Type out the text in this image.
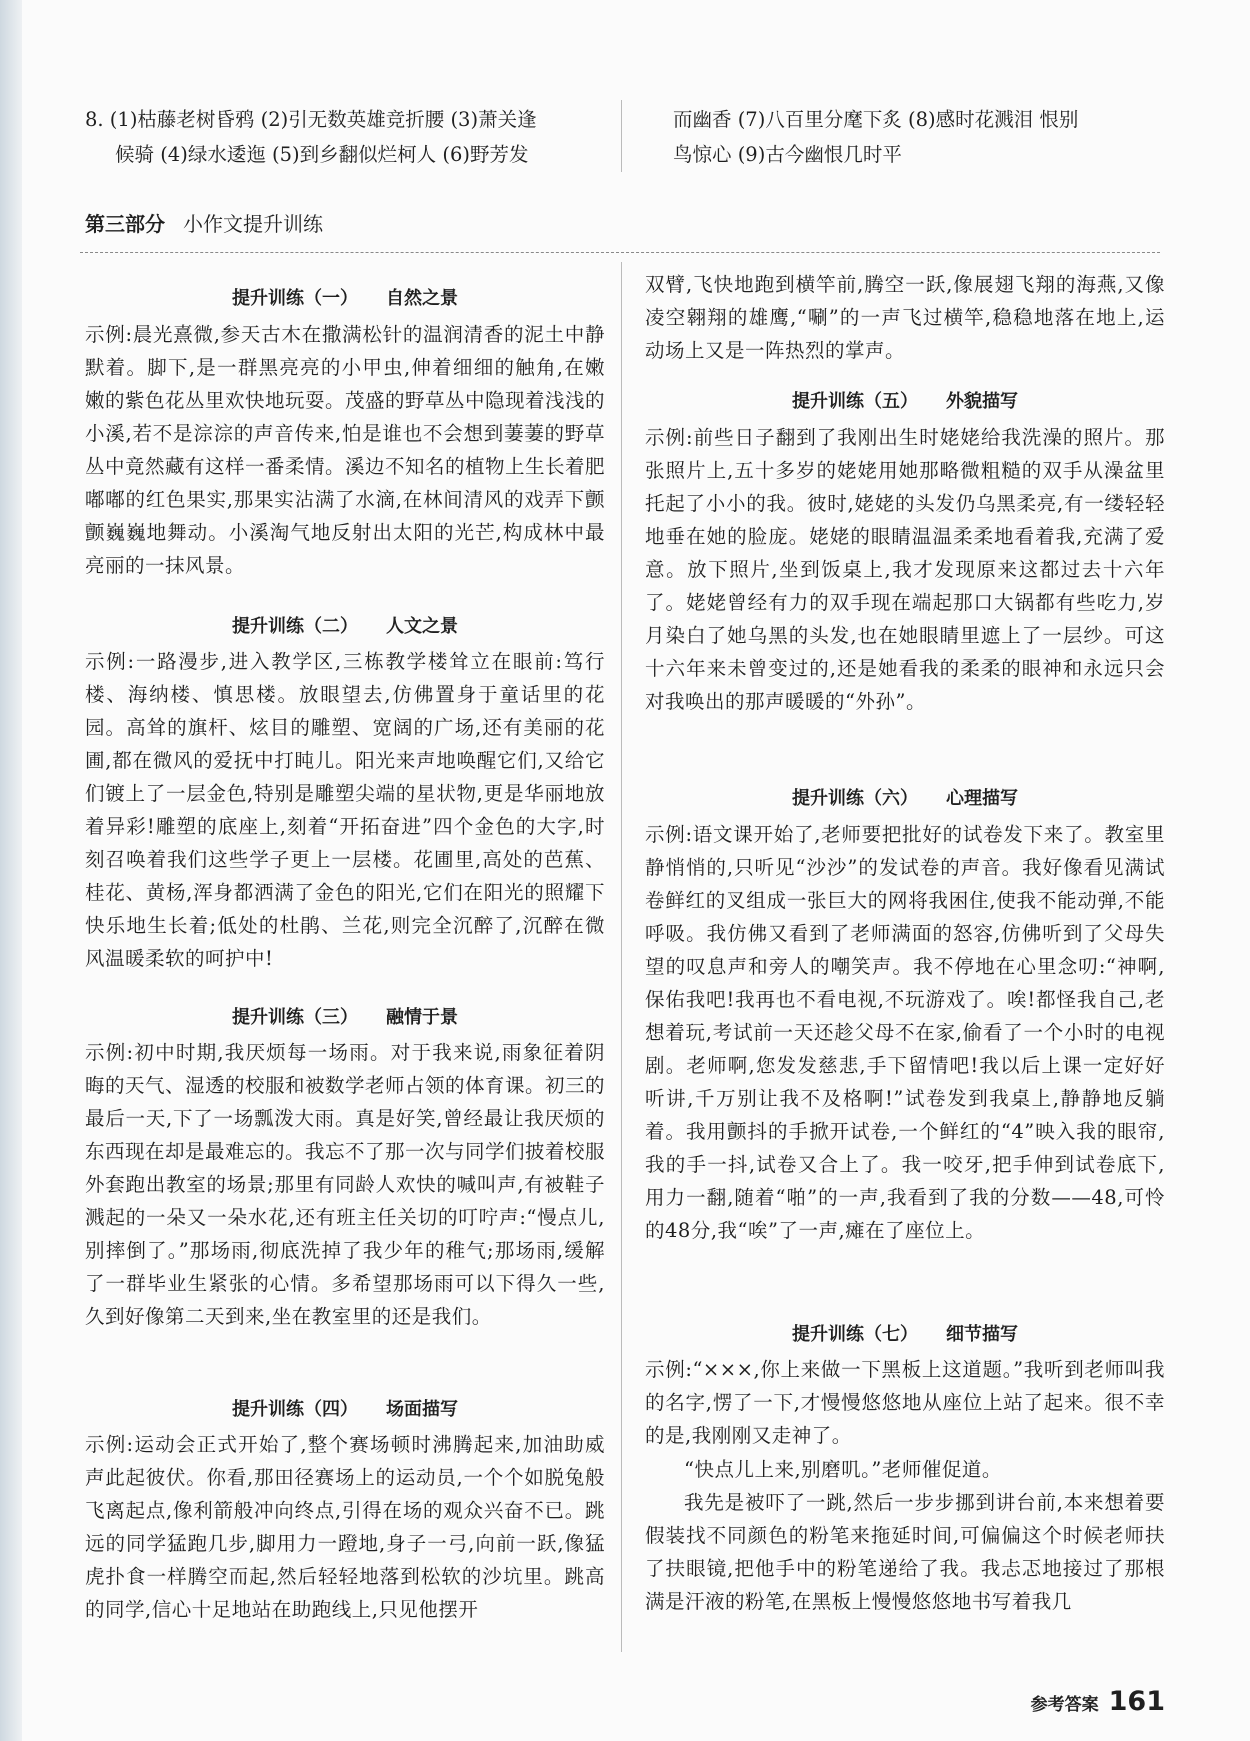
8. (1)枯藤老树昏鸦 (2)引无数英雄竞折腰 (3)萧关逢
候骑 (4)绿水逶迤 (5)到乡翻似烂柯人 (6)野芳发
而幽香 (7)八百里分麾下炙 (8)感时花溅泪 恨别
鸟惊心 (9)古今幽恨几时平
第三部分 小作文提升训练
提升训练（一） 自然之景

示例:晨光熹微,参天古木在撒满松针的温润清香的泥土中静默着。脚下,是一群黑亮亮的小甲虫,伸着细细的触角,在嫩嫩的紫色花丛里欢快地玩耍。茂盛的野草丛中隐现着浅浅的小溪,若不是淙淙的声音传来,怕是谁也不会想到萋萋的野草丛中竟然藏有这样一番柔情。溪边不知名的植物上生长着肥嘟嘟的红色果实,那果实沾满了水滴,在林间清风的戏弄下颤颤巍巍地舞动。小溪淘气地反射出太阳的光芒,构成林中最亮丽的一抹风景。

提升训练（二） 人文之景

示例:一路漫步,进入教学区,三栋教学楼耸立在眼前:笃行楼、海纳楼、慎思楼。放眼望去,仿佛置身于童话里的花园。高耸的旗杆、炫目的雕塑、宽阔的广场,还有美丽的花圃,都在微风的爱抚中打盹儿。阳光来声地唤醒它们,又给它们镀上了一层金色,特别是雕塑尖端的星状物,更是华丽地放着异彩!雕塑的底座上,刻着“开拓奋进”四个金色的大字,时刻召唤着我们这些学子更上一层楼。花圃里,高处的芭蕉、桂花、黄杨,浑身都洒满了金色的阳光,它们在阳光的照耀下快乐地生长着;低处的杜鹃、兰花,则完全沉醉了,沉醉在微风温暖柔软的呵护中!

提升训练（三） 融情于景

示例:初中时期,我厌烦每一场雨。对于我来说,雨象征着阴晦的天气、湿透的校服和被数学老师占领的体育课。初三的最后一天,下了一场瓢泼大雨。真是好笑,曾经最让我厌烦的东西现在却是最难忘的。我忘不了那一次与同学们披着校服外套跑出教室的场景;那里有同龄人欢快的喊叫声,有被鞋子溅起的一朵又一朵水花,还有班主任关切的叮咛声:“慢点儿,别摔倒了。”那场雨,彻底洗掉了我少年的稚气;那场雨,缓解了一群毕业生紧张的心情。多希望那场雨可以下得久一些,久到好像第二天到来,坐在教室里的还是我们。

提升训练（四） 场面描写

示例:运动会正式开始了,整个赛场顿时沸腾起来,加油助威声此起彼伏。你看,那田径赛场上的运动员,一个个如脱兔般飞离起点,像利箭般冲向终点,引得在场的观众兴奋不已。跳远的同学猛跑几步,脚用力一蹬地,身子一弓,向前一跃,像猛虎扑食一样腾空而起,然后轻轻地落到松软的沙坑里。跳高的同学,信心十足地站在助跑线上,只见他摆开

双臂,飞快地跑到横竿前,腾空一跃,像展翅飞翔的海燕,又像凌空翱翔的雄鹰,“唰”的一声飞过横竿,稳稳地落在地上,运动场上又是一阵热烈的掌声。

提升训练（五） 外貌描写

示例:前些日子翻到了我刚出生时姥姥给我洗澡的照片。那张照片上,五十多岁的姥姥用她那略微粗糙的双手从澡盆里托起了小小的我。彼时,姥姥的头发仍乌黑柔亮,有一缕轻轻地垂在她的脸庞。姥姥的眼睛温温柔柔地看着我,充满了爱意。放下照片,坐到饭桌上,我才发现原来这都过去十六年了。姥姥曾经有力的双手现在端起那口大锅都有些吃力,岁月染白了她乌黑的头发,也在她眼睛里遮上了一层纱。可这十六年来未曾变过的,还是她看我的柔柔的眼神和永远只会对我唤出的那声暖暖的“外孙”。

提升训练（六） 心理描写

示例:语文课开始了,老师要把批好的试卷发下来了。教室里静悄悄的,只听见“沙沙”的发试卷的声音。我好像看见满试卷鲜红的叉组成一张巨大的网将我困住,使我不能动弹,不能呼吸。我仿佛又看到了老师满面的怒容,仿佛听到了父母失望的叹息声和旁人的嘲笑声。我不停地在心里念叨:“神啊,保佑我吧!我再也不看电视,不玩游戏了。唉!都怪我自己,老想着玩,考试前一天还趁父母不在家,偷看了一个小时的电视剧。老师啊,您发发慈悲,手下留情吧!我以后上课一定好好听讲,千万别让我不及格啊!”试卷发到我桌上,静静地反躺着。我用颤抖的手掀开试卷,一个鲜红的“4”映入我的眼帘,我的手一抖,试卷又合上了。我一咬牙,把手伸到试卷底下,用力一翻,随着“啪”的一声,我看到了我的分数——48,可怜的48分,我“唉”了一声,瘫在了座位上。

提升训练（七） 细节描写

示例:“×××,你上来做一下黑板上这道题。”我听到老师叫我的名字,愣了一下,才慢慢悠悠地从座位上站了起来。很不幸的是,我刚刚又走神了。

“快点儿上来,别磨叽。”老师催促道。

我先是被吓了一跳,然后一步步挪到讲台前,本来想着要假装找不同颜色的粉笔来拖延时间,可偏偏这个时候老师扶了扶眼镜,把他手中的粉笔递给了我。我忐忑地接过了那根满是汗液的粉笔,在黑板上慢慢悠悠地书写着我几

参考答案 161
